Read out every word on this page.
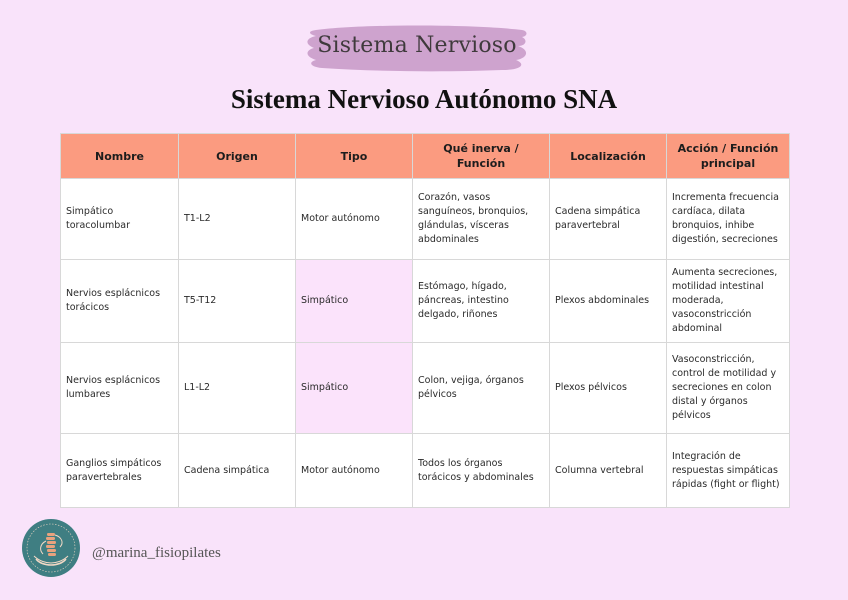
Sistema Nervioso
Sistema Nervioso Autónomo SNA
Nombre	Origen	Tipo	Qué inerva / Función	Localización	Acción / Función principal
Simpático toracolumbar	T1-L2	Motor autónomo	Corazón, vasos sanguíneos, bronquios, glándulas, vísceras abdominales	Cadena simpática paravertebral	Incrementa frecuencia cardíaca, dilata bronquios, inhibe digestión, secreciones
Nervios esplácnicos torácicos	T5-T12	Simpático	Estómago, hígado, páncreas, intestino delgado, riñones	Plexos abdominales	Aumenta secreciones, motilidad intestinal moderada, vasoconstricción abdominal
Nervios esplácnicos lumbares	L1-L2	Simpático	Colon, vejiga, órganos pélvicos	Plexos pélvicos	Vasoconstricción, control de motilidad y secreciones en colon distal y órganos pélvicos
Ganglios simpáticos paravertebrales	Cadena simpática	Motor autónomo	Todos los órganos torácicos y abdominales	Columna vertebral	Integración de respuestas simpáticas rápidas (fight or flight)
@marina_fisiopilates
